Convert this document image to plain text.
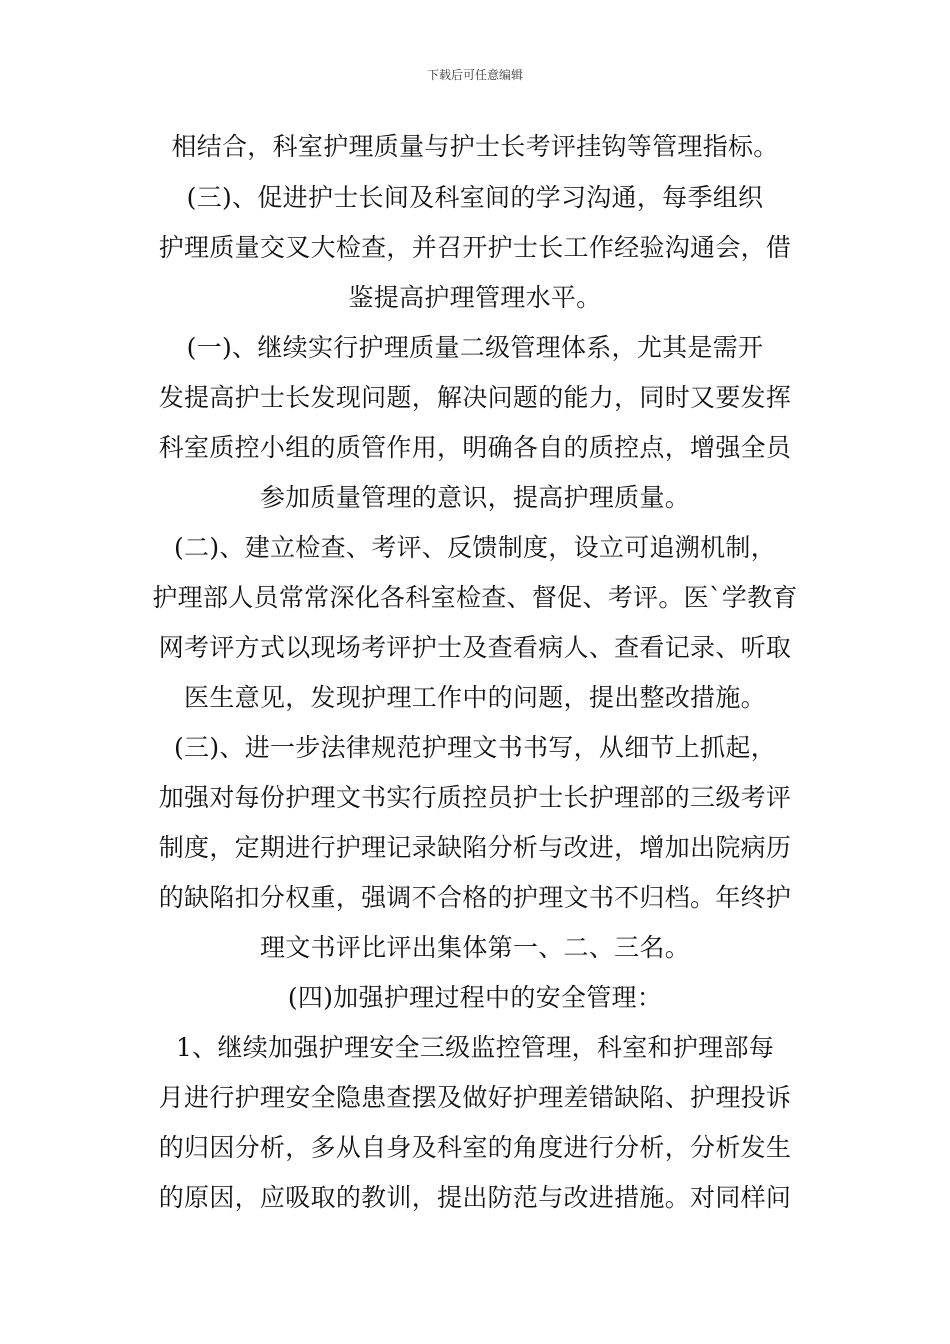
下载后可任意编辑
相结合，科室护理质量与护士长考评挂钩等管理指标。
(三)、促进护士长间及科室间的学习沟通，每季组织
护理质量交叉大检查，并召开护士长工作经验沟通会，借
鉴提高护理管理水平。
(一)、继续实行护理质量二级管理体系，尤其是需开
发提高护士长发现问题，解决问题的能力，同时又要发挥
科室质控小组的质管作用，明确各自的质控点，增强全员
参加质量管理的意识，提高护理质量。
(二)、建立检查、考评、反馈制度，设立可追溯机制，
护理部人员常常深化各科室检查、督促、考评。医`学教育
网考评方式以现场考评护士及查看病人、查看记录、听取
医生意见，发现护理工作中的问题，提出整改措施。
(三)、进一步法律规范护理文书书写，从细节上抓起，
加强对每份护理文书实行质控员护士长护理部的三级考评
制度，定期进行护理记录缺陷分析与改进，增加出院病历
的缺陷扣分权重，强调不合格的护理文书不归档。年终护
理文书评比评出集体第一、二、三名。
(四)加强护理过程中的安全管理：
1、继续加强护理安全三级监控管理，科室和护理部每
月进行护理安全隐患查摆及做好护理差错缺陷、护理投诉
的归因分析，多从自身及科室的角度进行分析，分析发生
的原因，应吸取的教训，提出防范与改进措施。对同样问
